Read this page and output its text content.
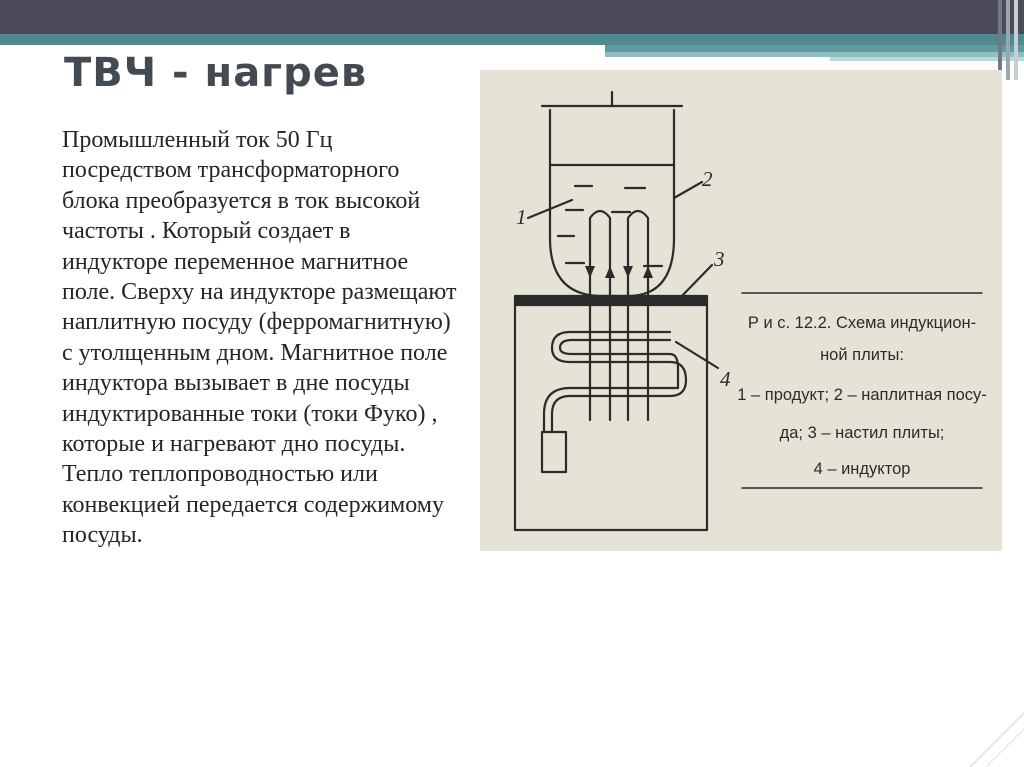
ТВЧ - нагрев

Промышленный ток 50 Гц посредством трансформаторного блока преобразуется в ток высокой частоты . Который создает в индукторе переменное магнитное поле. Сверху на индукторе размещают наплитную посуду (ферромагнитную) с утолщенным дном. Магнитное поле индуктора вызывает в дне посуды индуктированные токи (токи Фуко) , которые и нагревают дно посуды. Тепло теплопроводностью или конвекцией передается содержимому посуды.

1
2
3
4
Р и с. 12.2. Схема индукцион-
ной плиты:
1 – продукт; 2 – наплитная посу-
да; 3 – настил плиты;
4 – индуктор
